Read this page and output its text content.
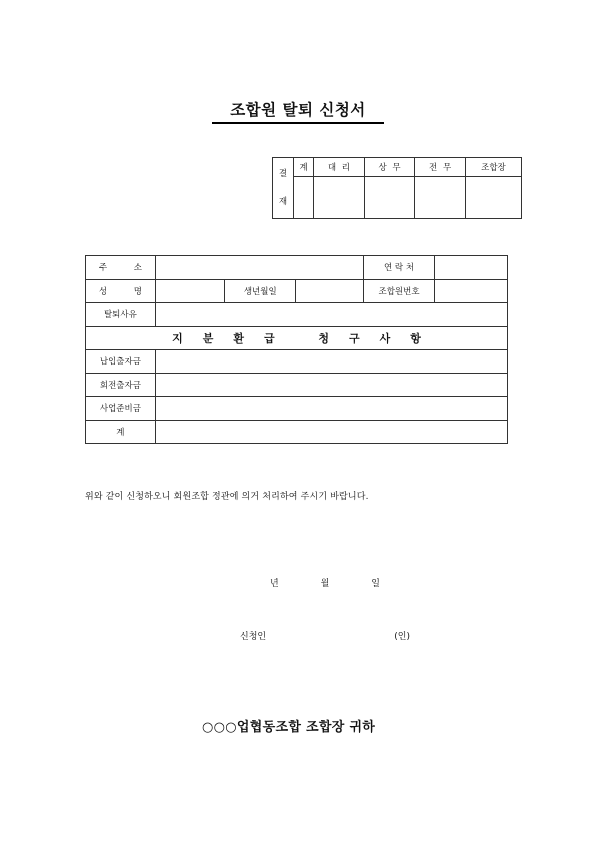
조합원 탈퇴 신청서
결

재	계	대 리	상 무	전 무	조합장

주 소				연 락 처	
성 명		생년월일		조합원번호	
탈퇴사유					
지분환급 청구사항					
납입출자금					
회전출자금					
사업준비금					
계					
위와 같이 신청하오니 회원조합 정관에 의거 처리하여 주시기 바랍니다.
년	월	일
신청인	(인)
○○○업협동조합 조합장 귀하
